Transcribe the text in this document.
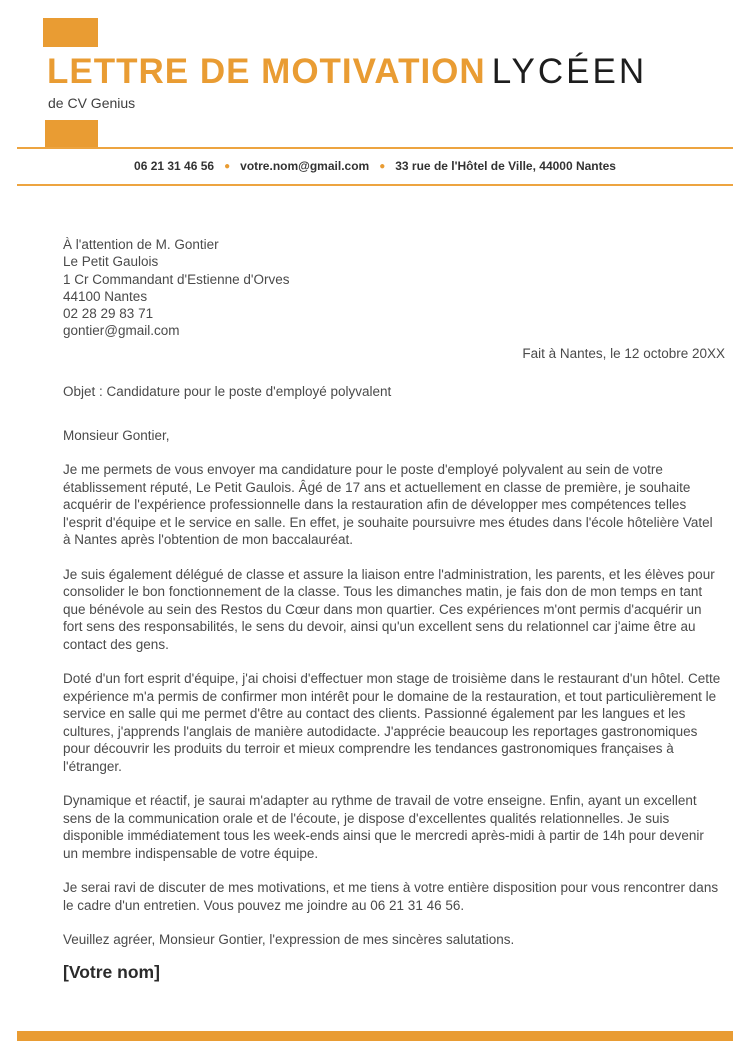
LETTRE DE MOTIVATION LYCÉEN
de CV Genius
06 21 31 46 56 ● votre.nom@gmail.com ● 33 rue de l'Hôtel de Ville, 44000 Nantes
À l'attention de M. Gontier
Le Petit Gaulois
1 Cr Commandant d'Estienne d'Orves
44100 Nantes
02 28 29 83 71
gontier@gmail.com
Fait à Nantes, le 12 octobre 20XX
Objet : Candidature pour le poste d'employé polyvalent
Monsieur Gontier,

Je me permets de vous envoyer ma candidature pour le poste d'employé polyvalent au sein de votre établissement réputé, Le Petit Gaulois. Âgé de 17 ans et actuellement en classe de première, je souhaite acquérir de l'expérience professionnelle dans la restauration afin de développer mes compétences telles l'esprit d'équipe et le service en salle. En effet, je souhaite poursuivre mes études dans l'école hôtelière Vatel à Nantes après l'obtention de mon baccalauréat.

Je suis également délégué de classe et assure la liaison entre l'administration, les parents, et les élèves pour consolider le bon fonctionnement de la classe. Tous les dimanches matin, je fais don de mon temps en tant que bénévole au sein des Restos du Cœur dans mon quartier. Ces expériences m'ont permis d'acquérir un fort sens des responsabilités, le sens du devoir, ainsi qu'un excellent sens du relationnel car j'aime être au contact des gens.

Doté d'un fort esprit d'équipe, j'ai choisi d'effectuer mon stage de troisième dans le restaurant d'un hôtel. Cette expérience m'a permis de confirmer mon intérêt pour le domaine de la restauration, et tout particulièrement le service en salle qui me permet d'être au contact des clients. Passionné également par les langues et les cultures, j'apprends l'anglais de manière autodidacte. J'apprécie beaucoup les reportages gastronomiques pour découvrir les produits du terroir et mieux comprendre les tendances gastronomiques françaises à l'étranger.

Dynamique et réactif, je saurai m'adapter au rythme de travail de votre enseigne. Enfin, ayant un excellent sens de la communication orale et de l'écoute, je dispose d'excellentes qualités relationnelles. Je suis disponible immédiatement tous les week-ends ainsi que le mercredi après-midi à partir de 14h pour devenir un membre indispensable de votre équipe.

Je serai ravi de discuter de mes motivations, et me tiens à votre entière disposition pour vous rencontrer dans le cadre d'un entretien. Vous pouvez me joindre au 06 21 31 46 56.

Veuillez agréer, Monsieur Gontier, l'expression de mes sincères salutations.
[Votre nom]
